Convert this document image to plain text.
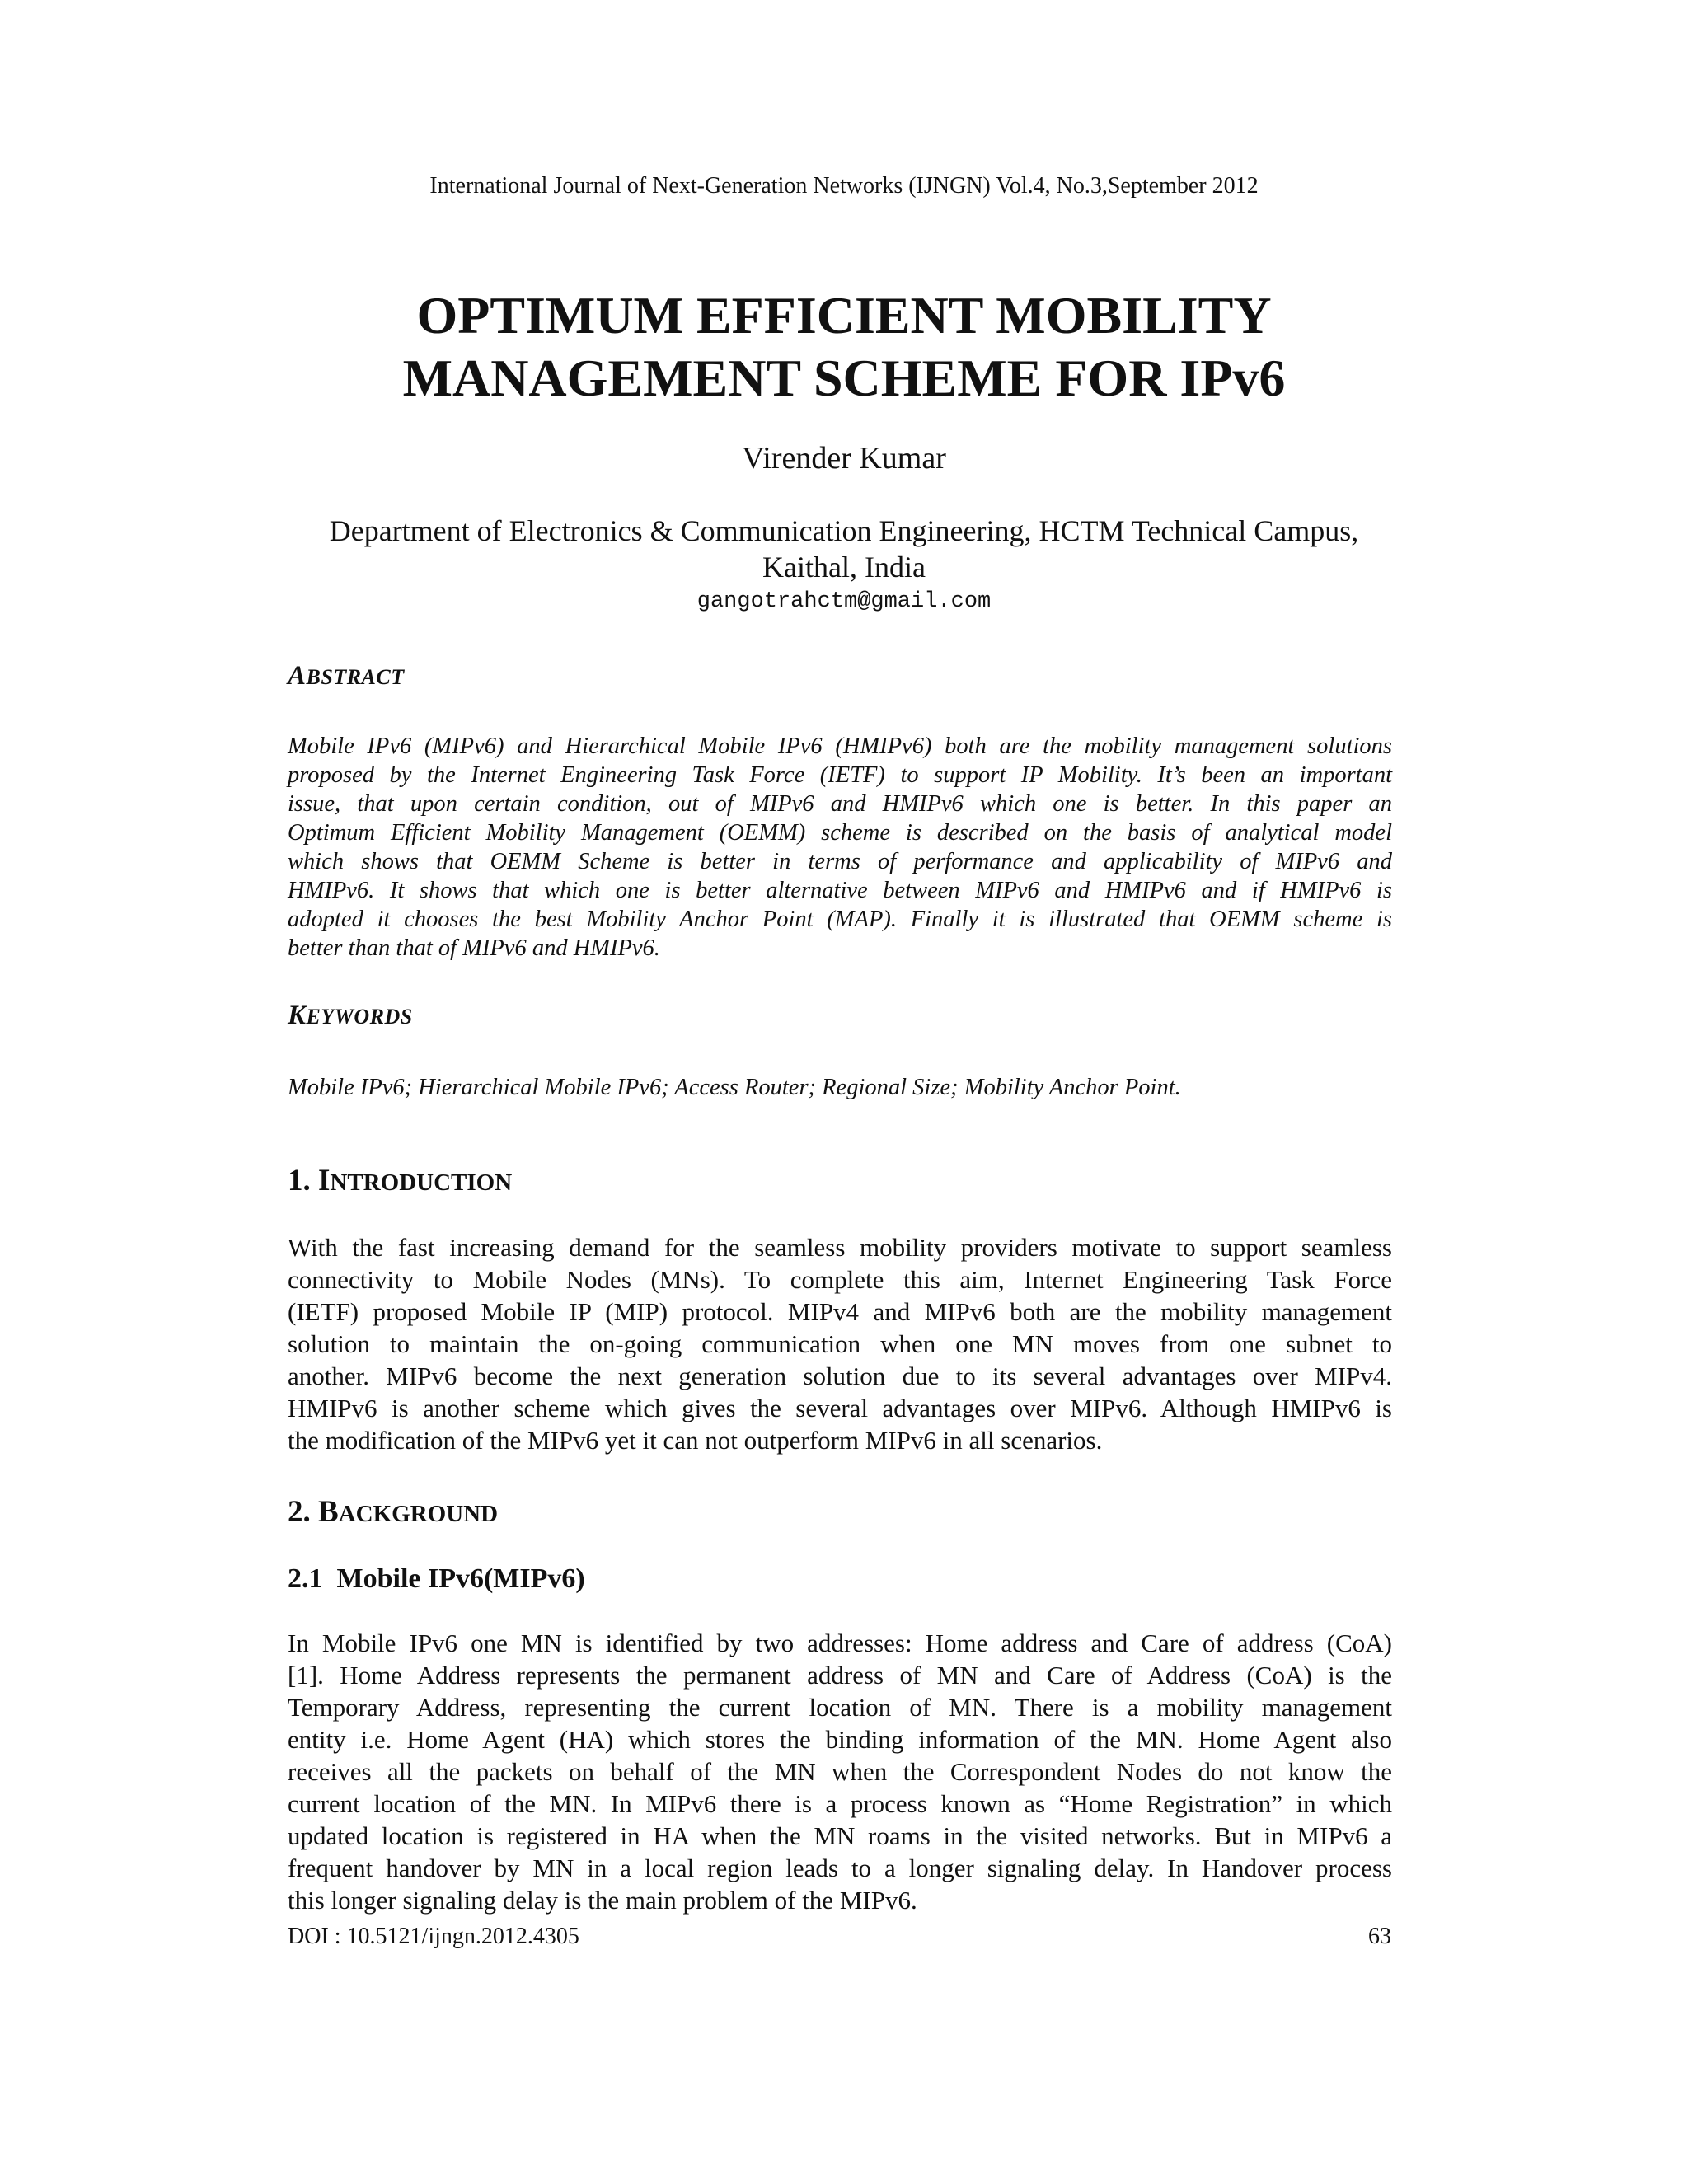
International Journal of Next-Generation Networks (IJNGN) Vol.4, No.3,September 2012
OPTIMUM EFFICIENT MOBILITY
MANAGEMENT SCHEME FOR IPv6
Virender Kumar
Department of Electronics & Communication Engineering, HCTM Technical Campus,
Kaithal, India
gangotrahctm@gmail.com
ABSTRACT
Mobile IPv6 (MIPv6) and Hierarchical Mobile IPv6 (HMIPv6) both are the mobility management solutions
proposed by the Internet Engineering Task Force (IETF) to support IP Mobility. It’s been an important
issue, that upon certain condition, out of MIPv6 and HMIPv6 which one is better. In this paper an
Optimum Efficient Mobility Management (OEMM) scheme is described on the basis of analytical model
which shows that OEMM Scheme is better in terms of performance and applicability of MIPv6 and
HMIPv6. It shows that which one is better alternative between MIPv6 and HMIPv6 and if HMIPv6 is
adopted it chooses the best Mobility Anchor Point (MAP). Finally it is illustrated that OEMM scheme is
better than that of MIPv6 and HMIPv6.
KEYWORDS
Mobile IPv6; Hierarchical Mobile IPv6; Access Router; Regional Size; Mobility Anchor Point.
1. INTRODUCTION
With the fast increasing demand for the seamless mobility providers motivate to support seamless
connectivity to Mobile Nodes (MNs). To complete this aim, Internet Engineering Task Force
(IETF) proposed Mobile IP (MIP) protocol. MIPv4 and MIPv6 both are the mobility management
solution to maintain the on-going communication when one MN moves from one subnet to
another. MIPv6 become the next generation solution due to its several advantages over MIPv4.
HMIPv6 is another scheme which gives the several advantages over MIPv6. Although HMIPv6 is
the modification of the MIPv6 yet it can not outperform MIPv6 in all scenarios.
2. BACKGROUND
2.1  Mobile IPv6(MIPv6)
In Mobile IPv6 one MN is identified by two addresses: Home address and Care of address (CoA)
[1]. Home Address represents the permanent address of MN and Care of Address (CoA) is the
Temporary Address, representing the current location of MN. There is a mobility management
entity i.e. Home Agent (HA) which stores the binding information of the MN. Home Agent also
receives all the packets on behalf of the MN when the Correspondent Nodes do not know the
current location of the MN. In MIPv6 there is a process known as “Home Registration” in which
updated location is registered in HA when the MN roams in the visited networks. But in MIPv6 a
frequent handover by MN in a local region leads to a longer signaling delay. In Handover process
this longer signaling delay is the main problem of the MIPv6.
DOI : 10.5121/ijngn.2012.4305	63
